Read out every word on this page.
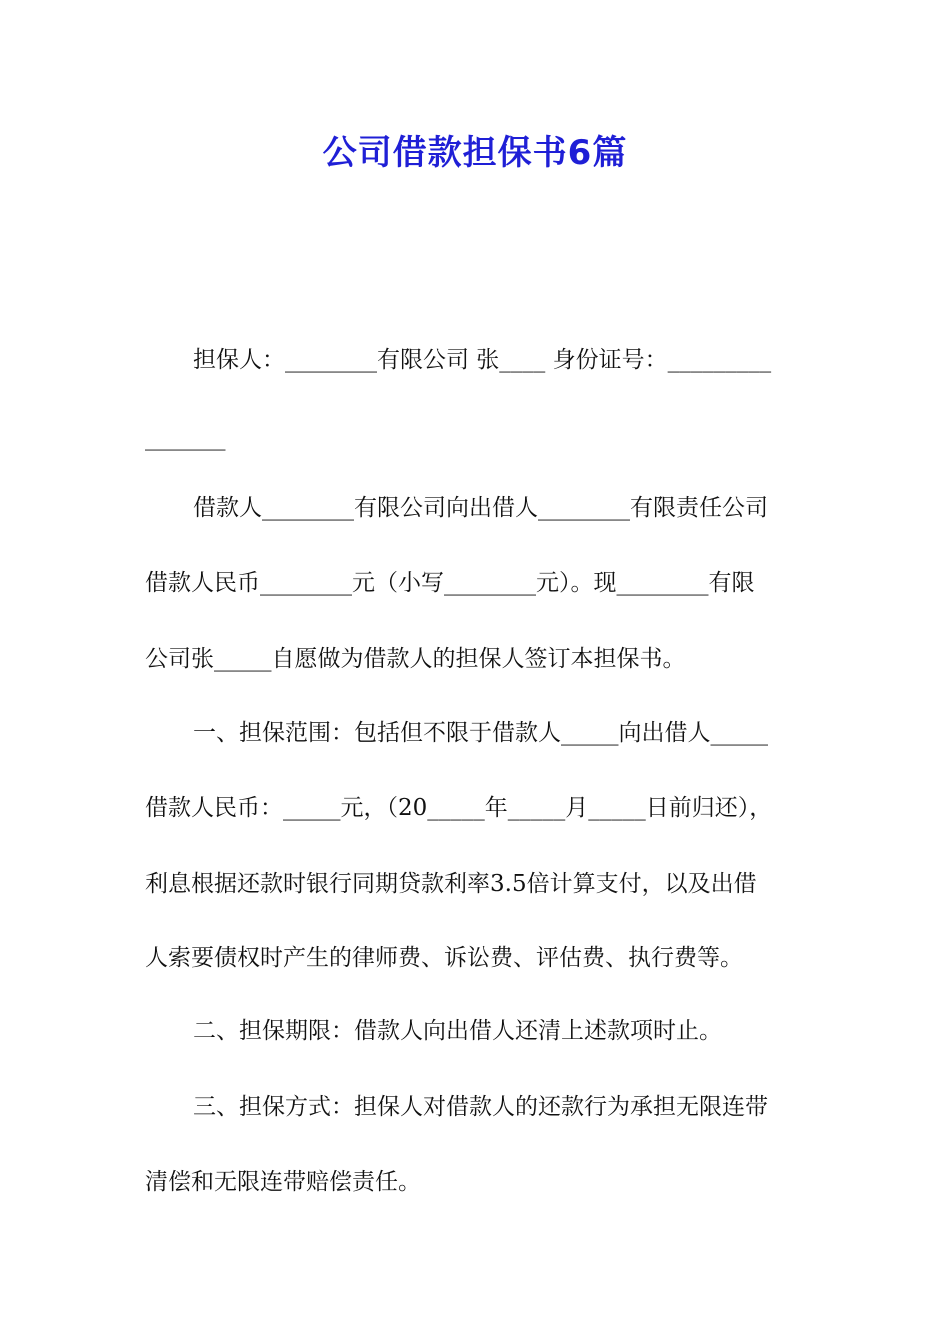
公司借款担保书6篇

担保人：________有限公司 张____ 身份证号：_________

_______

借款人________有限公司向出借人________有限责任公司

借款人民币________元（小写________元）。现________有限

公司张_____自愿做为借款人的担保人签订本担保书。

一、担保范围：包括但不限于借款人_____向出借人_____

借款人民币：_____元，（20_____年_____月_____日前归还），

利息根据还款时银行同期贷款利率3.5倍计算支付，以及出借

人索要债权时产生的律师费、诉讼费、评估费、执行费等。

二、担保期限：借款人向出借人还清上述款项时止。

三、担保方式：担保人对借款人的还款行为承担无限连带

清偿和无限连带赔偿责任。
